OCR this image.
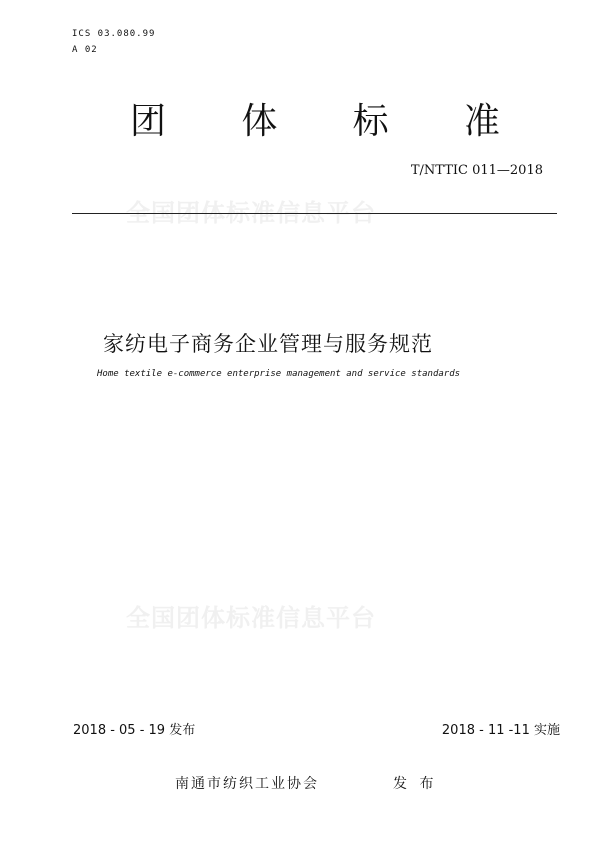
ICS 03.080.99
A 02
团 体 标 准
T/NTTIC 011—2018
全国团体标准信息平台
家纺电子商务企业管理与服务规范
Home textile e-commerce enterprise management and service standards
全国团体标准信息平台
2018 - 05 - 19 发布	2018 - 11 -11 实施
南通市纺织工业协会	发 布
